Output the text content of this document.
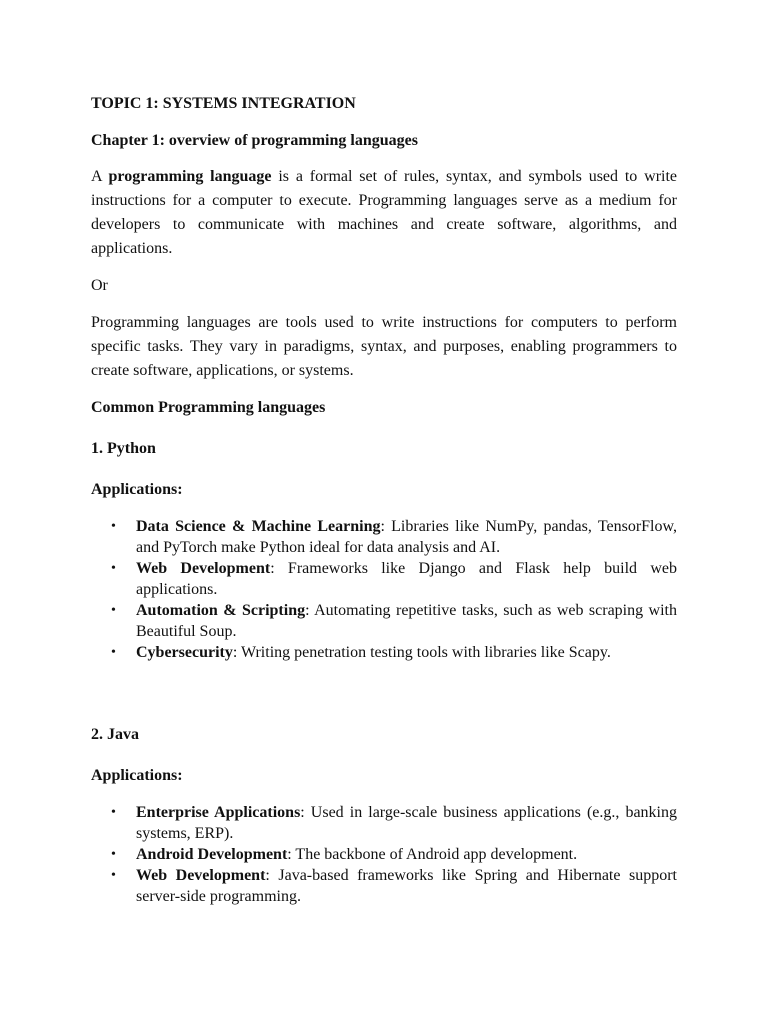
TOPIC 1: SYSTEMS INTEGRATION

Chapter 1: overview of programming languages

A programming language is a formal set of rules, syntax, and symbols used to write instructions for a computer to execute. Programming languages serve as a medium for developers to communicate with machines and create software, algorithms, and applications.

Or

Programming languages are tools used to write instructions for computers to perform specific tasks. They vary in paradigms, syntax, and purposes, enabling programmers to create software, applications, or systems.

Common Programming languages

1. Python

Applications:

• Data Science & Machine Learning: Libraries like NumPy, pandas, TensorFlow, and PyTorch make Python ideal for data analysis and AI.
• Web Development: Frameworks like Django and Flask help build web applications.
• Automation & Scripting: Automating repetitive tasks, such as web scraping with Beautiful Soup.
• Cybersecurity: Writing penetration testing tools with libraries like Scapy.

2. Java

Applications:

• Enterprise Applications: Used in large-scale business applications (e.g., banking systems, ERP).
• Android Development: The backbone of Android app development.
• Web Development: Java-based frameworks like Spring and Hibernate support server-side programming.
